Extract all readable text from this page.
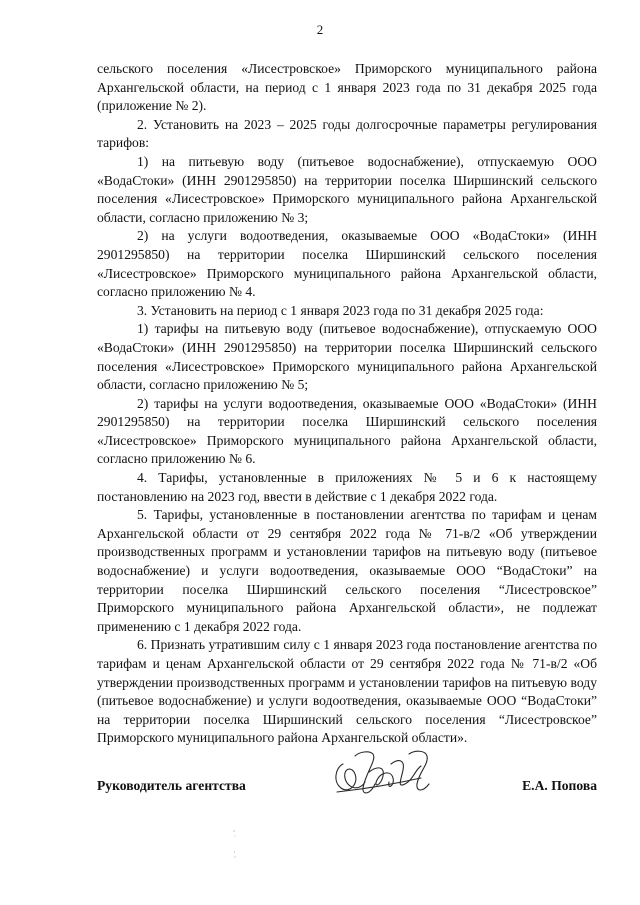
2

сельского поселения «Лисестровское» Приморского муниципального района Архангельской области, на период с 1 января 2023 года по 31 декабря 2025 года (приложение № 2).

2. Установить на 2023 – 2025 годы долгосрочные параметры регулирования тарифов:

1) на питьевую воду (питьевое водоснабжение), отпускаемую ООО «ВодаСтоки» (ИНН 2901295850) на территории поселка Ширшинский сельского поселения «Лисестровское» Приморского муниципального района Архангельской области, согласно приложению № 3;

2) на услуги водоотведения, оказываемые ООО «ВодаСтоки» (ИНН 2901295850) на территории поселка Ширшинский сельского поселения «Лисестровское» Приморского муниципального района Архангельской области, согласно приложению № 4.

3. Установить на период с 1 января 2023 года по 31 декабря 2025 года:

1) тарифы на питьевую воду (питьевое водоснабжение), отпускаемую ООО «ВодаСтоки» (ИНН 2901295850) на территории поселка Ширшинский сельского поселения «Лисестровское» Приморского муниципального района Архангельской области, согласно приложению № 5;

2) тарифы на услуги водоотведения, оказываемые ООО «ВодаСтоки» (ИНН 2901295850) на территории поселка Ширшинский сельского поселения «Лисестровское» Приморского муниципального района Архангельской области, согласно приложению № 6.

4. Тарифы, установленные в приложениях № 5 и 6 к настоящему постановлению на 2023 год, ввести в действие с 1 декабря 2022 года.

5. Тарифы, установленные в постановлении агентства по тарифам и ценам Архангельской области от 29 сентября 2022 года № 71-в/2 «Об утверждении производственных программ и установлении тарифов на питьевую воду (питьевое водоснабжение) и услуги водоотведения, оказываемые ООО “ВодаСтоки” на территории поселка Ширшинский сельского поселения “Лисестровское” Приморского муниципального района Архангельской области», не подлежат применению с 1 декабря 2022 года.

6. Признать утратившим силу с 1 января 2023 года постановление агентства по тарифам и ценам Архангельской области от 29 сентября 2022 года № 71-в/2 «Об утверждении производственных программ и установлении тарифов на питьевую воду (питьевое водоснабжение) и услуги водоотведения, оказываемые ООО “ВодаСтоки” на территории поселка Ширшинский сельского поселения “Лисестровское” Приморского муниципального района Архангельской области».

Руководитель агентства	Е.А. Попова
